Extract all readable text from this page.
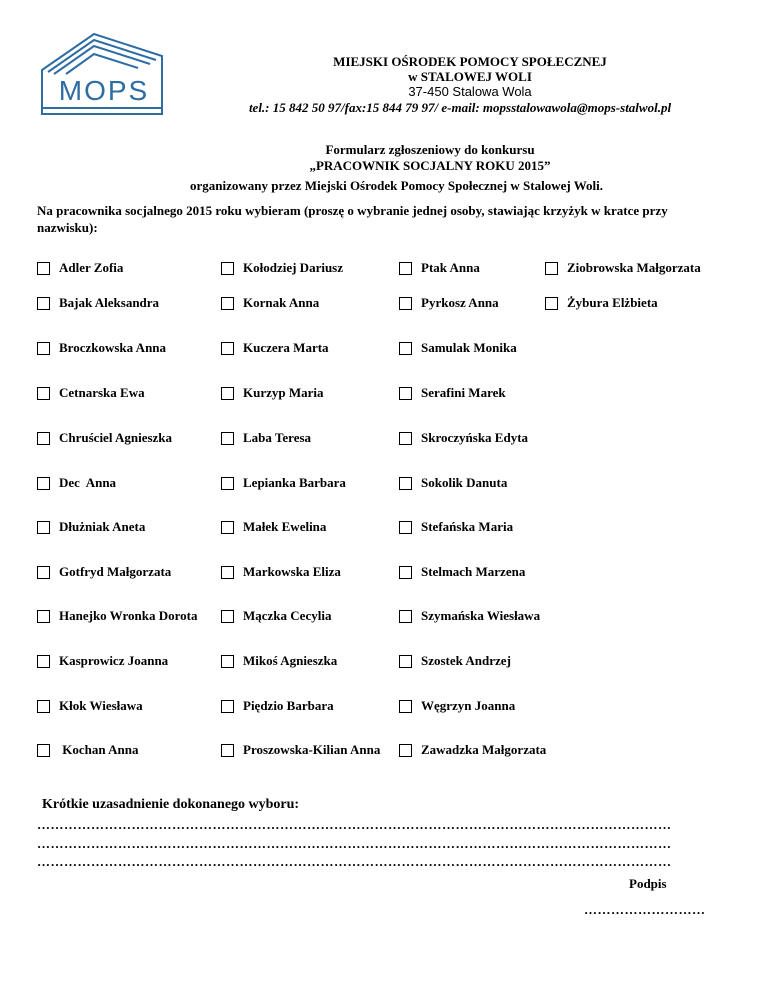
MOPS
MIEJSKI OŚRODEK POMOCY SPOŁECZNEJ
w STALOWEJ WOLI
37-450 Stalowa Wola
tel.: 15 842 50 97/fax:15 844 79 97/ e-mail: mopsstalowawola@mops-stalwol.pl
Formularz zgłoszeniowy do konkursu
„PRACOWNIK SOCJALNY ROKU 2015”
organizowany przez Miejski Ośrodek Pomocy Społecznej w Stalowej Woli.
Na pracownika socjalnego 2015 roku wybieram (proszę o wybranie jednej osoby, stawiając krzyżyk w kratce przy nazwisku):
Adler Zofia
Bajak Aleksandra
Broczkowska Anna
Cetnarska Ewa
Chruściel Agnieszka
Dec  Anna
Dłużniak Aneta
Gotfryd Małgorzata
Hanejko Wronka Dorota
Kasprowicz Joanna
Kłok Wiesława
Kochan Anna
Kołodziej Dariusz
Kornak Anna
Kuczera Marta
Kurzyp Maria
Laba Teresa
Lepianka Barbara
Małek Ewelina
Markowska Eliza
Mączka Cecylia
Mikoś Agnieszka
Piędzio Barbara
Proszowska-Kilian Anna
Ptak Anna
Pyrkosz Anna
Samulak Monika
Serafini Marek
Skroczyńska Edyta
Sokolik Danuta
Stefańska Maria
Stelmach Marzena
Szymańska Wiesława
Szostek Andrzej
Węgrzyn Joanna
Zawadzka Małgorzata
Ziobrowska Małgorzata
Żybura Elżbieta
Krótkie uzasadnienie dokonanego wyboru:
……………………………………………………………………………………………………………………………
……………………………………………………………………………………………………………………………
……………………………………………………………………………………………………………………………
Podpis
………………………
